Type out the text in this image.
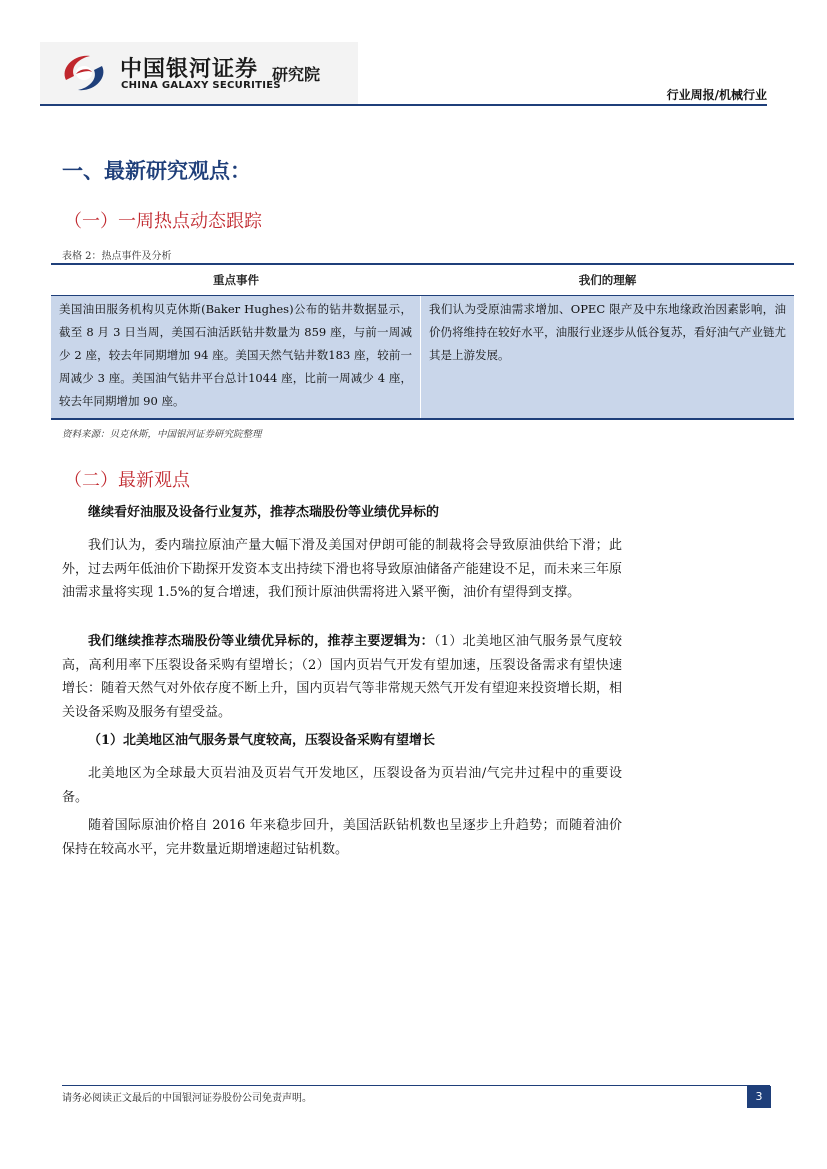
中国银河证券 研究院
CHINA GALAXY SECURITIES
行业周报/机械行业
一、最新研究观点：
（一）一周热点动态跟踪
表格 2：热点事件及分析
重点事件	我们的理解
美国油田服务机构贝克休斯(Baker Hughes)公布的钻井数据显示，截至 8 月 3 日当周，美国石油活跃钻井数量为 859 座，与前一周减少 2 座，较去年同期增加 94 座。美国天然气钻井数183 座，较前一周减少 3 座。美国油气钻井平台总计1044 座，比前一周减少 4 座，较去年同期增加 90 座。
我们认为受原油需求增加、OPEC 限产及中东地缘政治因素影响，油价仍将维持在较好水平，油服行业逐步从低谷复苏，看好油气产业链尤其是上游发展。
资料来源：贝克休斯，中国银河证券研究院整理
（二）最新观点
继续看好油服及设备行业复苏，推荐杰瑞股份等业绩优异标的
我们认为，委内瑞拉原油产量大幅下滑及美国对伊朗可能的制裁将会导致原油供给下滑；此外，过去两年低油价下勘探开发资本支出持续下滑也将导致原油储备产能建设不足，而未来三年原油需求量将实现 1.5%的复合增速，我们预计原油供需将进入紧平衡，油价有望得到支撑。
我们继续推荐杰瑞股份等业绩优异标的，推荐主要逻辑为：（1）北美地区油气服务景气度较高，高利用率下压裂设备采购有望增长；（2）国内页岩气开发有望加速，压裂设备需求有望快速增长：随着天然气对外依存度不断上升，国内页岩气等非常规天然气开发有望迎来投资增长期，相关设备采购及服务有望受益。
（1）北美地区油气服务景气度较高，压裂设备采购有望增长
北美地区为全球最大页岩油及页岩气开发地区，压裂设备为页岩油/气完井过程中的重要设备。
随着国际原油价格自 2016 年来稳步回升，美国活跃钻机数也呈逐步上升趋势；而随着油价保持在较高水平，完井数量近期增速超过钻机数。
请务必阅读正文最后的中国银河证券股份公司免责声明。	3
